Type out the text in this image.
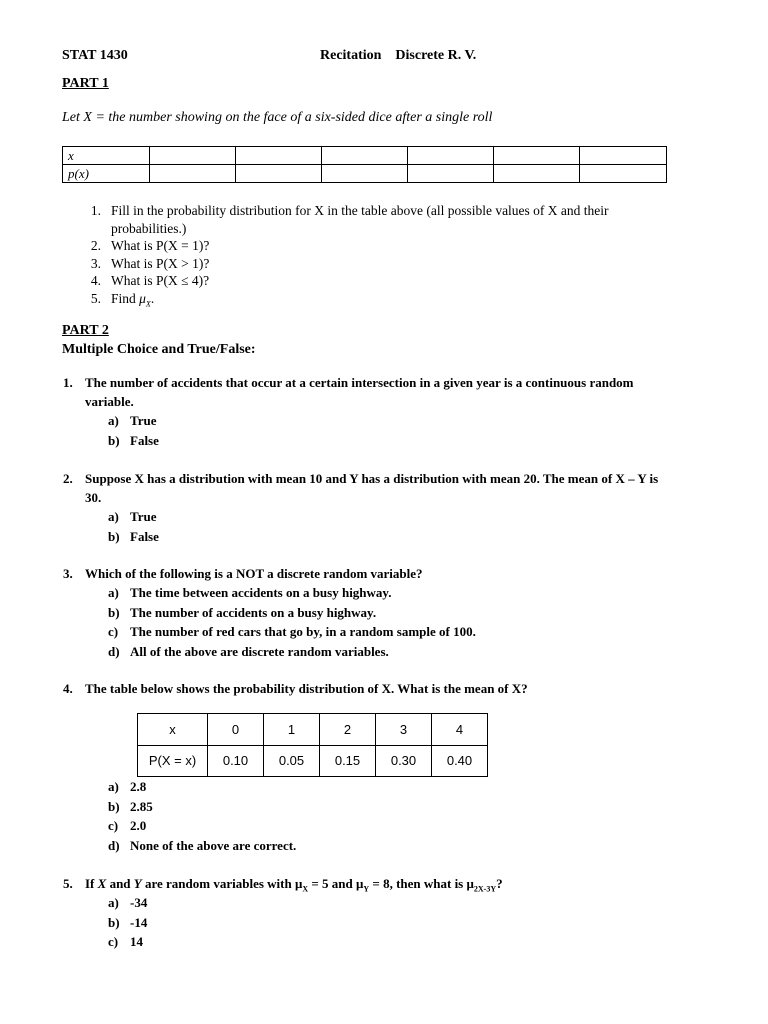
STAT 1430	Recitation    Discrete R. V.
PART 1
Let X = the number showing on the face of a six-sided dice after a single roll
x						
p(x)						
1. Fill in the probability distribution for X in the table above (all possible values of X and their
probabilities.)
2. What is P(X = 1)?
3. What is P(X > 1)?
4. What is P(X ≤ 4)?
5. Find $\mu_X$.
PART 2
Multiple Choice and True/False:
1. The number of accidents that occur at a certain intersection in a given year is a continuous random
variable.
a) True
b) False
2. Suppose X has a distribution with mean 10 and Y has a distribution with mean 20. The mean of X – Y is
30.
a) True
b) False
3. Which of the following is a NOT a discrete random variable?
a) The time between accidents on a busy highway.
b) The number of accidents on a busy highway.
c) The number of red cars that go by, in a random sample of 100.
d) All of the above are discrete random variables.
4. The table below shows the probability distribution of X. What is the mean of X?
x	0	1	2	3	4
P(X = x)	0.10	0.05	0.15	0.30	0.40
a) 2.8
b) 2.85
c) 2.0
d) None of the above are correct.
5. If X and Y are random variables with $\mu_X = 5$ and $\mu_Y = 8$, then what is $\mu_{2X-3Y}$?
a) -34
b) -14
c) 14
